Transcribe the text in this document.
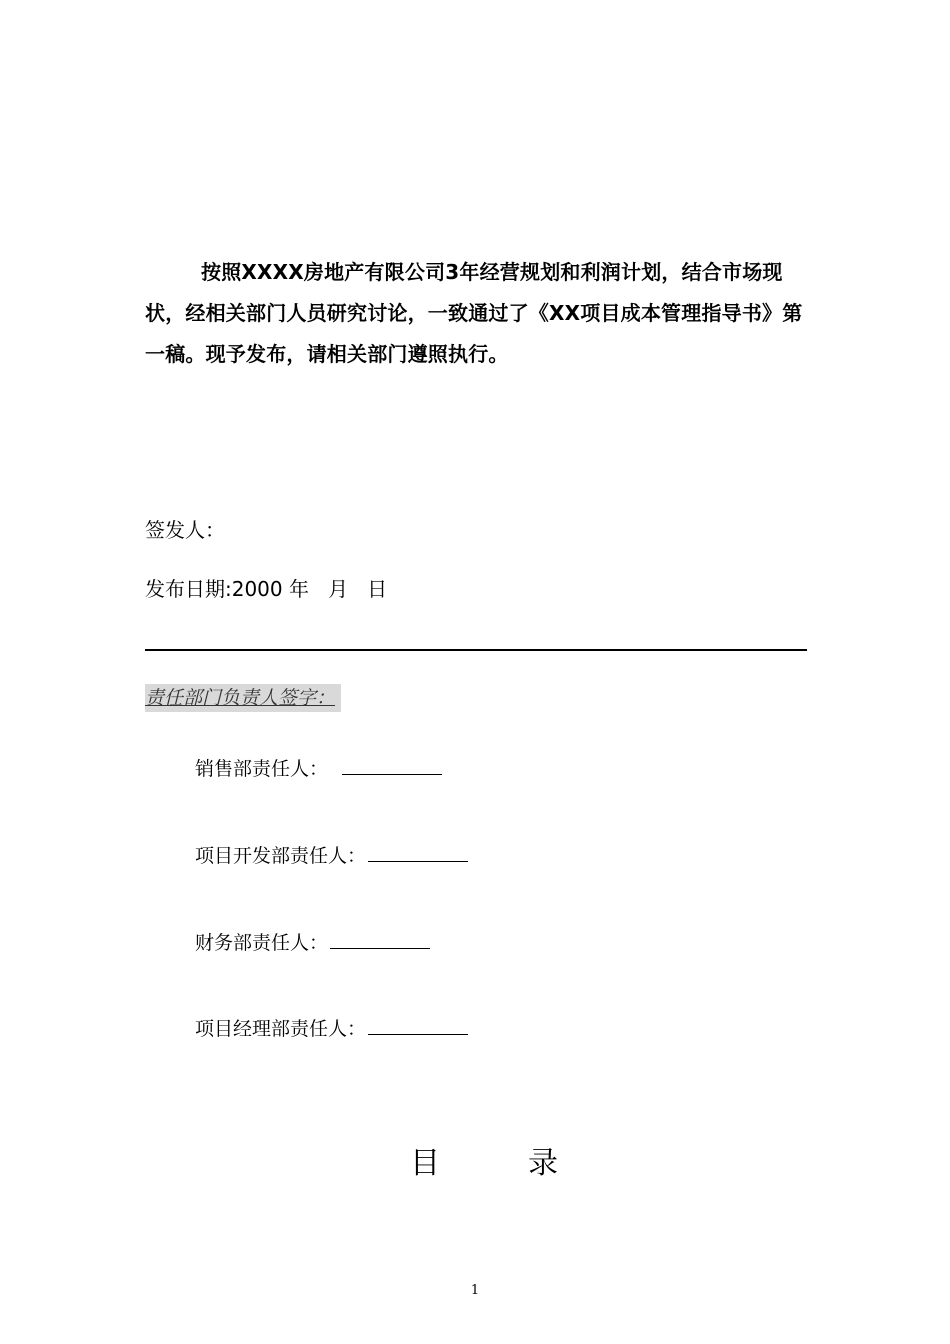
按照XXXX房地产有限公司3年经营规划和利润计划，结合市场现状，经相关部门人员研究讨论，一致通过了《XX项目成本管理指导书》第一稿。现予发布，请相关部门遵照执行。

签发人：

发布日期:2000 年   月   日

责任部门负责人签字：

销售部责任人：

项目开发部责任人：

财务部责任人：

项目经理部责任人：

目	录

1
